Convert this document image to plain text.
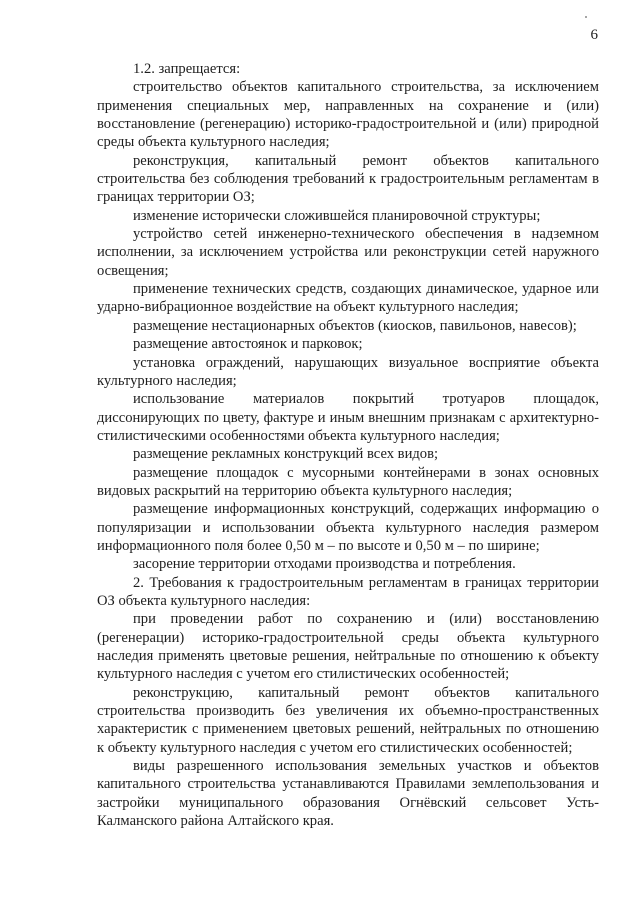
6

1.2. запрещается:

строительство объектов капитального строительства, за исключением применения специальных мер, направленных на сохранение и (или) восстановление (регенерацию) историко-градостроительной и (или) природной среды объекта культурного наследия;

реконструкция, капитальный ремонт объектов капитального строительства без соблюдения требований к градостроительным регламентам в границах территории ОЗ;

изменение исторически сложившейся планировочной структуры;

устройство сетей инженерно-технического обеспечения в надземном исполнении, за исключением устройства или реконструкции сетей наружного освещения;

применение технических средств, создающих динамическое, ударное или ударно-вибрационное воздействие на объект культурного наследия;

размещение нестационарных объектов (киосков, павильонов, навесов);

размещение автостоянок и парковок;

установка ограждений, нарушающих визуальное восприятие объекта культурного наследия;

использование материалов покрытий тротуаров площадок, диссонирующих по цвету, фактуре и иным внешним признакам с архитектурно-стилистическими особенностями объекта культурного наследия;

размещение рекламных конструкций всех видов;

размещение площадок с мусорными контейнерами в зонах основных видовых раскрытий на территорию объекта культурного наследия;

размещение информационных конструкций, содержащих информацию о популяризации и использовании объекта культурного наследия размером информационного поля более 0,50 м – по высоте и 0,50 м – по ширине;

засорение территории отходами производства и потребления.

2. Требования к градостроительным регламентам в границах территории ОЗ объекта культурного наследия:

при проведении работ по сохранению и (или) восстановлению (регенерации) историко-градостроительной среды объекта культурного наследия применять цветовые решения, нейтральные по отношению к объекту культурного наследия с учетом его стилистических особенностей;

реконструкцию, капитальный ремонт объектов капитального строительства производить без увеличения их объемно-пространственных характеристик с применением цветовых решений, нейтральных по отношению к объекту культурного наследия с учетом его стилистических особенностей;

виды разрешенного использования земельных участков и объектов капитального строительства устанавливаются Правилами землепользования и застройки муниципального образования Огнёвский сельсовет Усть-Калманского района Алтайского края.
